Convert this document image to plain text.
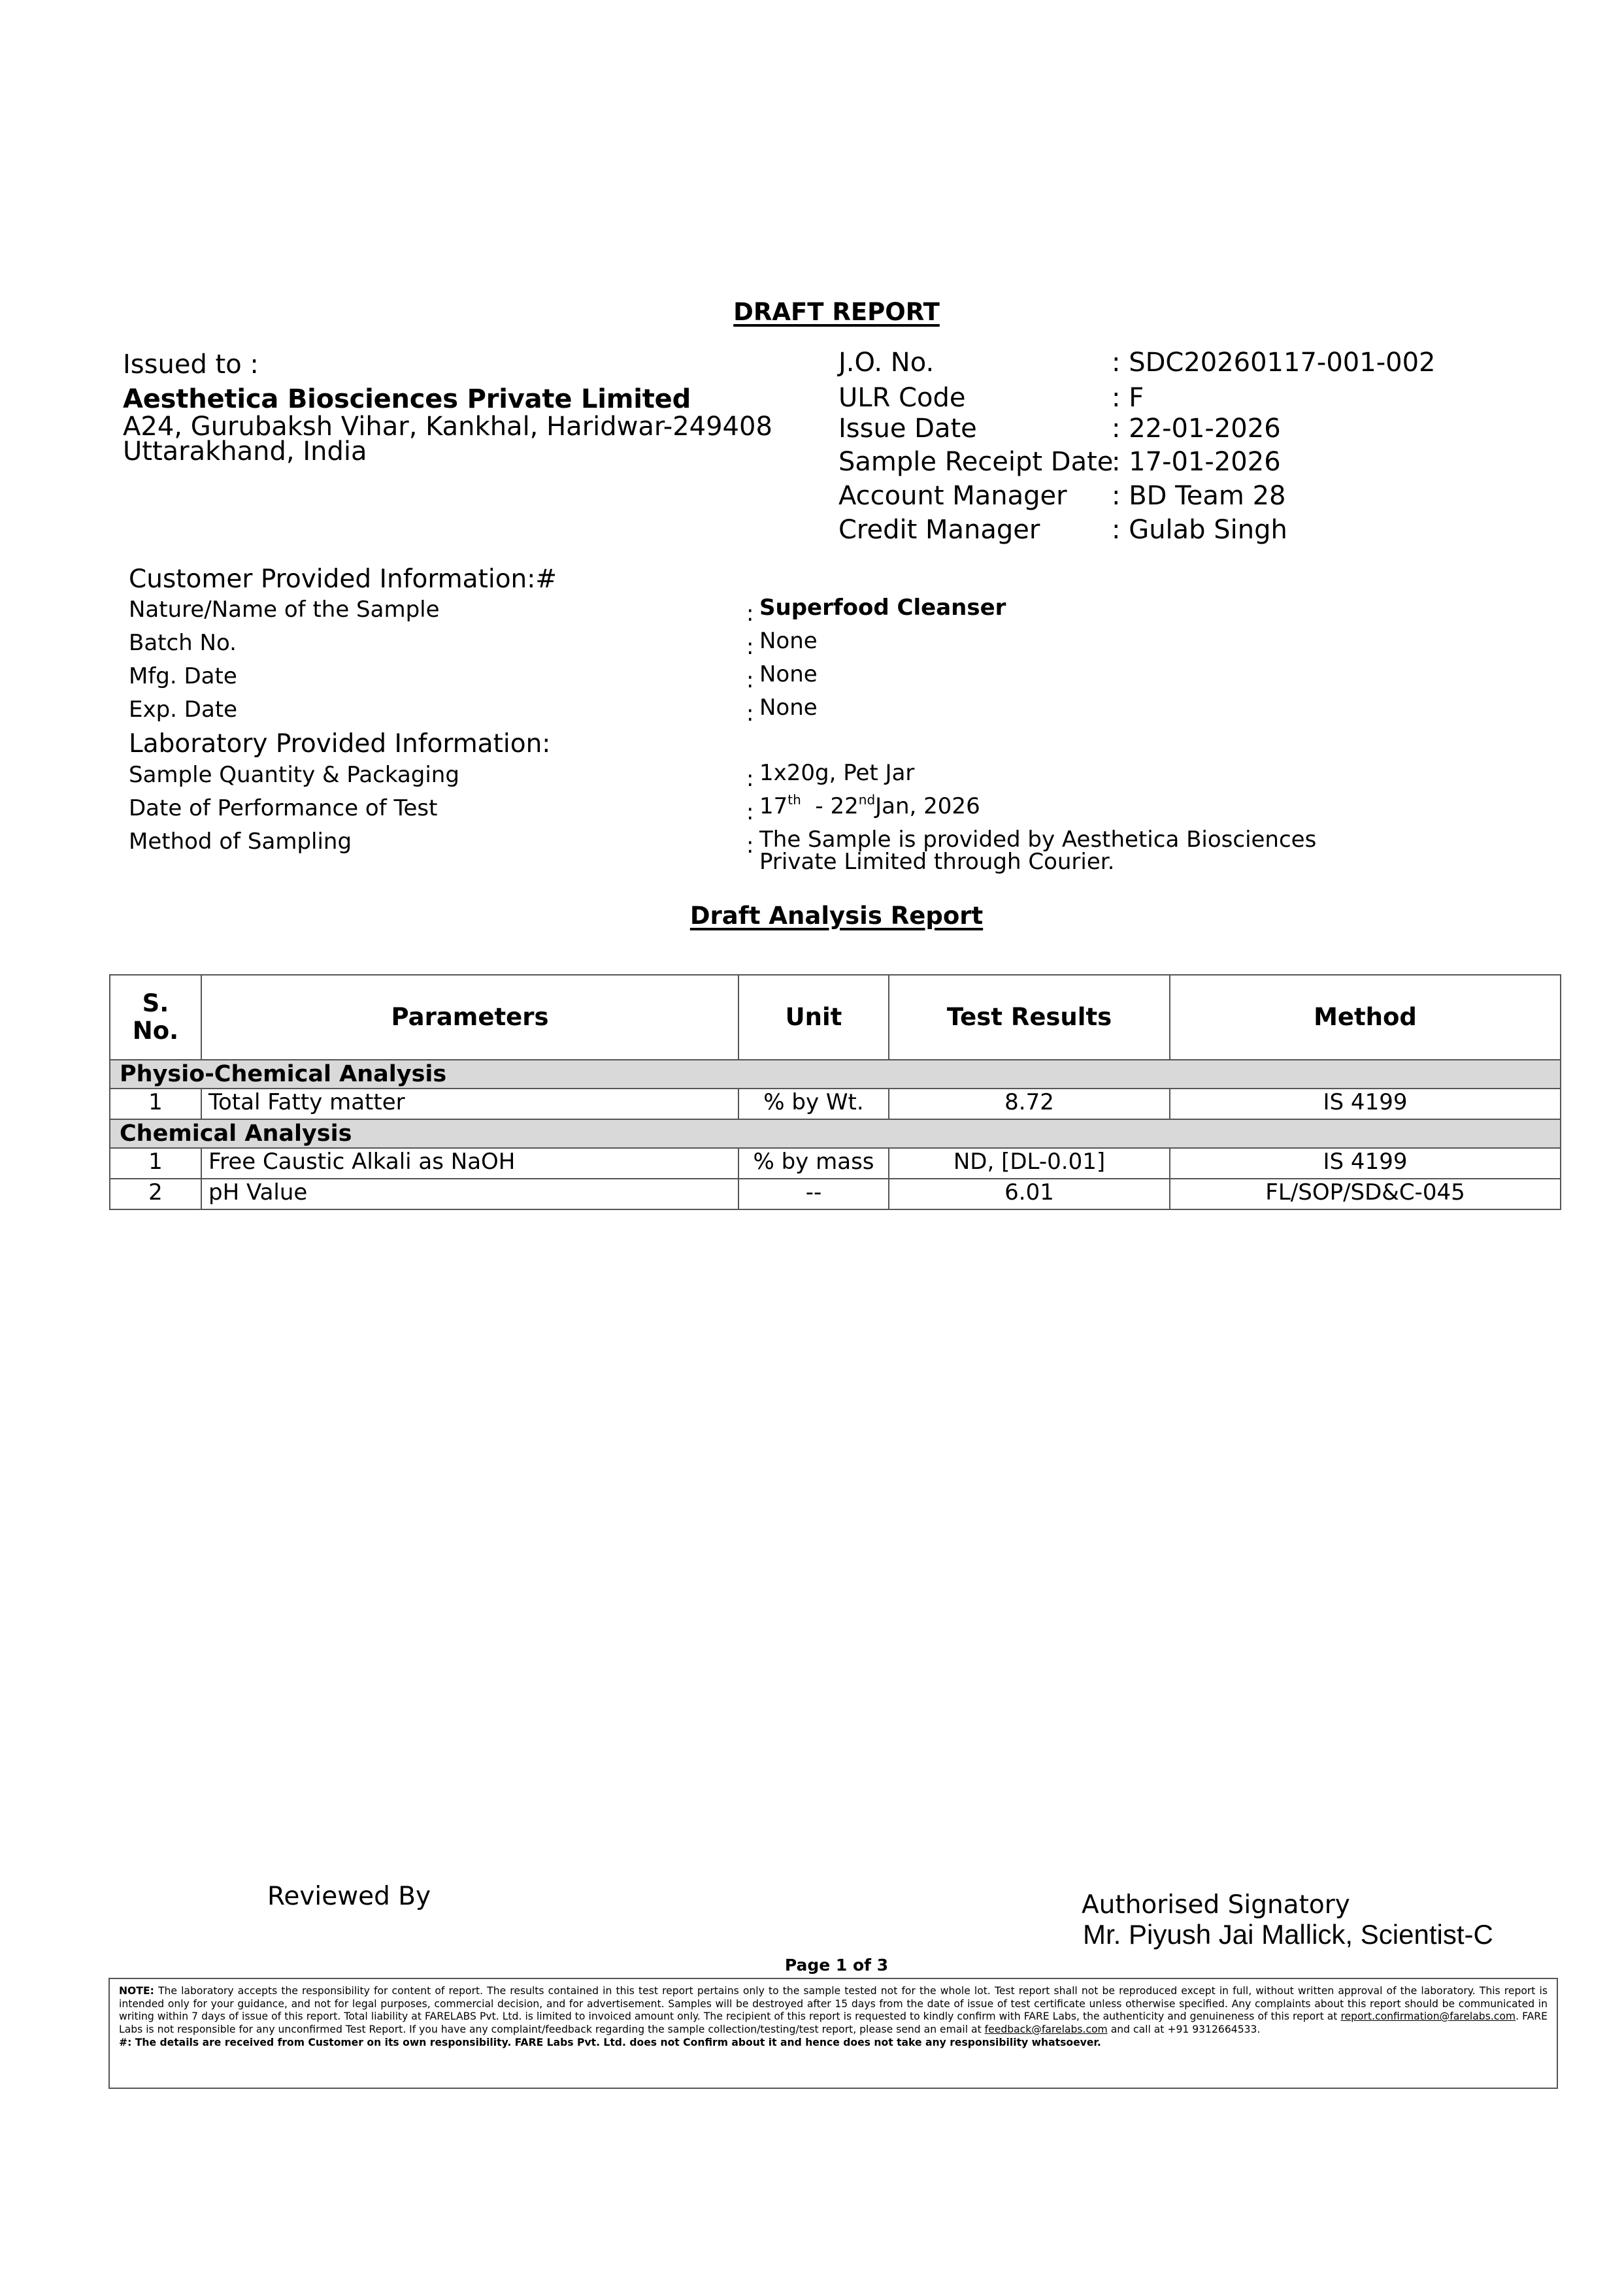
DRAFT REPORT
Issued to :
Aesthetica Biosciences Private Limited
A24, Gurubaksh Vihar, Kankhal, Haridwar-249408
Uttarakhand, India
J.O. No.	: SDC20260117-001-002
ULR Code	: F
Issue Date	: 22-01-2026
Sample Receipt Date: 17-01-2026
Account Manager : BD Team 28
Credit Manager	: Gulab Singh
Customer Provided Information:#
Nature/Name of the Sample	: Superfood Cleanser
Batch No.	: None
Mfg. Date	: None
Exp. Date	: None
Laboratory Provided Information:
Sample Quantity & Packaging	: 1x20g, Pet Jar
Date of Performance of Test	: 17th  - 22ndJan, 2026
Method of Sampling	: The Sample is provided by Aesthetica Biosciences
Private Limited through Courier.
Draft Analysis Report
S.
No.	Parameters	Unit	Test Results	Method
Physio-Chemical Analysis				
1	Total Fatty matter	% by Wt.	8.72	IS 4199
Chemical Analysis				
1	Free Caustic Alkali as NaOH	% by mass	ND, [DL-0.01]	IS 4199
2	pH Value	--	6.01	FL/SOP/SD&C-045
Reviewed By	Authorised Signatory
Mr. Piyush Jai Mallick, Scientist-C
Page 1 of 3
NOTE: The laboratory accepts the responsibility for content of report. The results contained in this test report pertains only to the sample tested not for the whole lot. Test report shall not be reproduced except in full, without written approval of the laboratory. This report is intended only for your guidance, and not for legal purposes, commercial decision, and for advertisement. Samples will be destroyed after 15 days from the date of issue of test certificate unless otherwise specified. Any complaints about this report should be communicated in writing within 7 days of issue of this report. Total liability at FARELABS Pvt. Ltd. is limited to invoiced amount only. The recipient of this report is requested to kindly confirm with FARE Labs, the authenticity and genuineness of this report at report.confirmation@farelabs.com. FARE Labs is not responsible for any unconfirmed Test Report. If you have any complaint/feedback regarding the sample collection/testing/test report, please send an email at feedback@farelabs.com and call at +91 9312664533.
#: The details are received from Customer on its own responsibility. FARE Labs Pvt. Ltd. does not Confirm about it and hence does not take any responsibility whatsoever.
